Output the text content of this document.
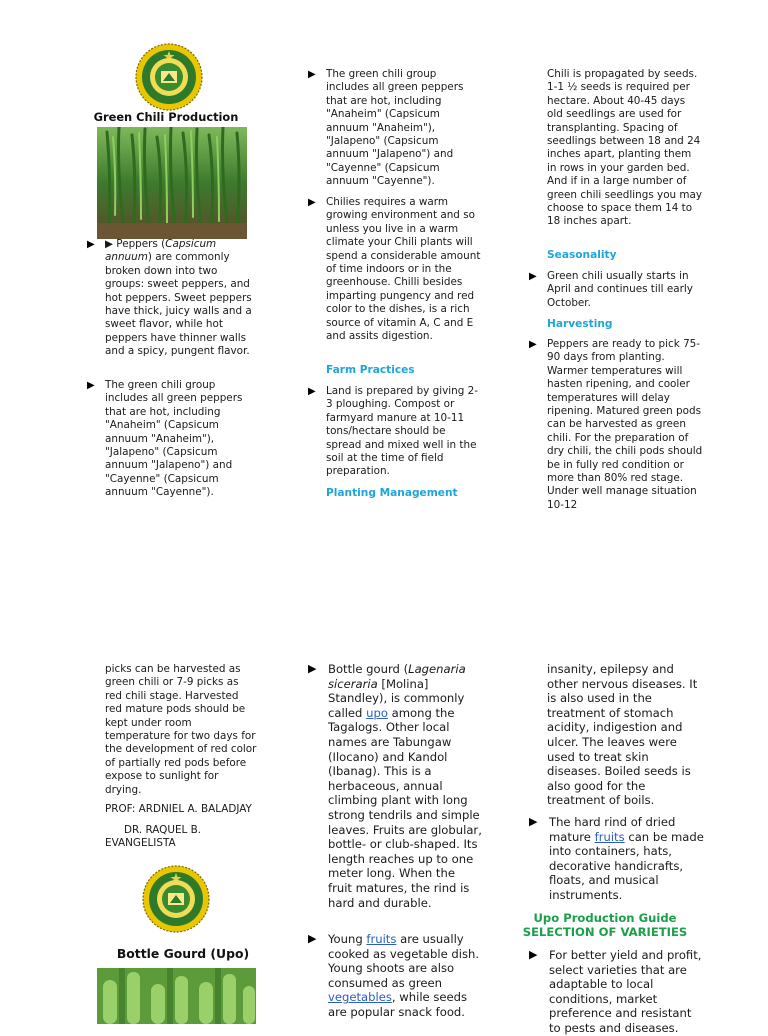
Green Chili Production
▶ ▶ Peppers (Capsicum annuum) are commonly broken down into two groups: sweet peppers, and hot peppers. Sweet peppers have thick, juicy walls and a sweet flavor, while hot peppers have thinner walls and a spicy, pungent flavor.

▶ The green chili group includes all green peppers that are hot, including "Anaheim" (Capsicum annuum "Anaheim"), "Jalapeno" (Capsicum annuum "Jalapeno") and "Cayenne" (Capsicum annuum "Cayenne").

▶ The green chili group includes all green peppers that are hot, including "Anaheim" (Capsicum annuum "Anaheim"), "Jalapeno" (Capsicum annuum "Jalapeno") and "Cayenne" (Capsicum annuum "Cayenne").

▶ Chilies requires a warm growing environment and so unless you live in a warm climate your Chili plants will spend a considerable amount of time indoors or in the greenhouse. Chilli besides imparting pungency and red color to the dishes, is a rich source of vitamin A, C and E and assits digestion.

Farm Practices
▶ Land is prepared by giving 2-3 ploughing. Compost or farmyard manure at 10-11 tons/hectare should be spread and mixed well in the soil at the time of field preparation.

Planting Management
Chili is propagated by seeds. 1-1 ½ seeds is required per hectare. About 40-45 days old seedlings are used for transplanting. Spacing of seedlings between 18 and 24 inches apart, planting them in rows in your garden bed. And if in a large number of green chili seedlings you may choose to space them 14 to 18 inches apart.
Seasonality
▶ Green chili usually starts in April and continues till early October.

Harvesting
▶ Peppers are ready to pick 75-90 days from planting. Warmer temperatures will hasten ripening, and cooler temperatures will delay ripening. Matured green pods can be harvested as green chili. For the preparation of dry chili, the chili pods should be in fully red condition or more than 80% red stage. Under well manage situation 10-12

picks can be harvested as green chili or 7-9 picks as red chili stage. Harvested red mature pods should be kept under room temperature for two days for the development of red color of partially red pods before expose to sunlight for drying.
PROF: ARDNIEL A. BALADJAY
DR. RAQUEL B. EVANGELISTA
Bottle Gourd (Upo)
▶ Bottle gourd (Lagenaria siceraria [Molina] Standley), is commonly called upo among the Tagalogs. Other local names are Tabungaw (Ilocano) and Kandol (Ibanag). This is a herbaceous, annual climbing plant with long strong tendrils and simple leaves. Fruits are globular, bottle- or club-shaped. Its length reaches up to one meter long. When the fruit matures, the rind is hard and durable.

▶ Young fruits are usually cooked as vegetable dish. Young shoots are also consumed as green vegetables, while seeds are popular snack food.

insanity, epilepsy and other nervous diseases. It is also used in the treatment of stomach acidity, indigestion and ulcer. The leaves were used to treat skin diseases. Boiled seeds is also good for the treatment of boils.
▶ The hard rind of dried mature fruits can be made into containers, hats, decorative handicrafts, floats, and musical instruments.

Upo Production Guide
SELECTION OF VARIETIES
▶ For better yield and profit, select varieties that are adaptable to local conditions, market preference and resistant to pests and diseases.
